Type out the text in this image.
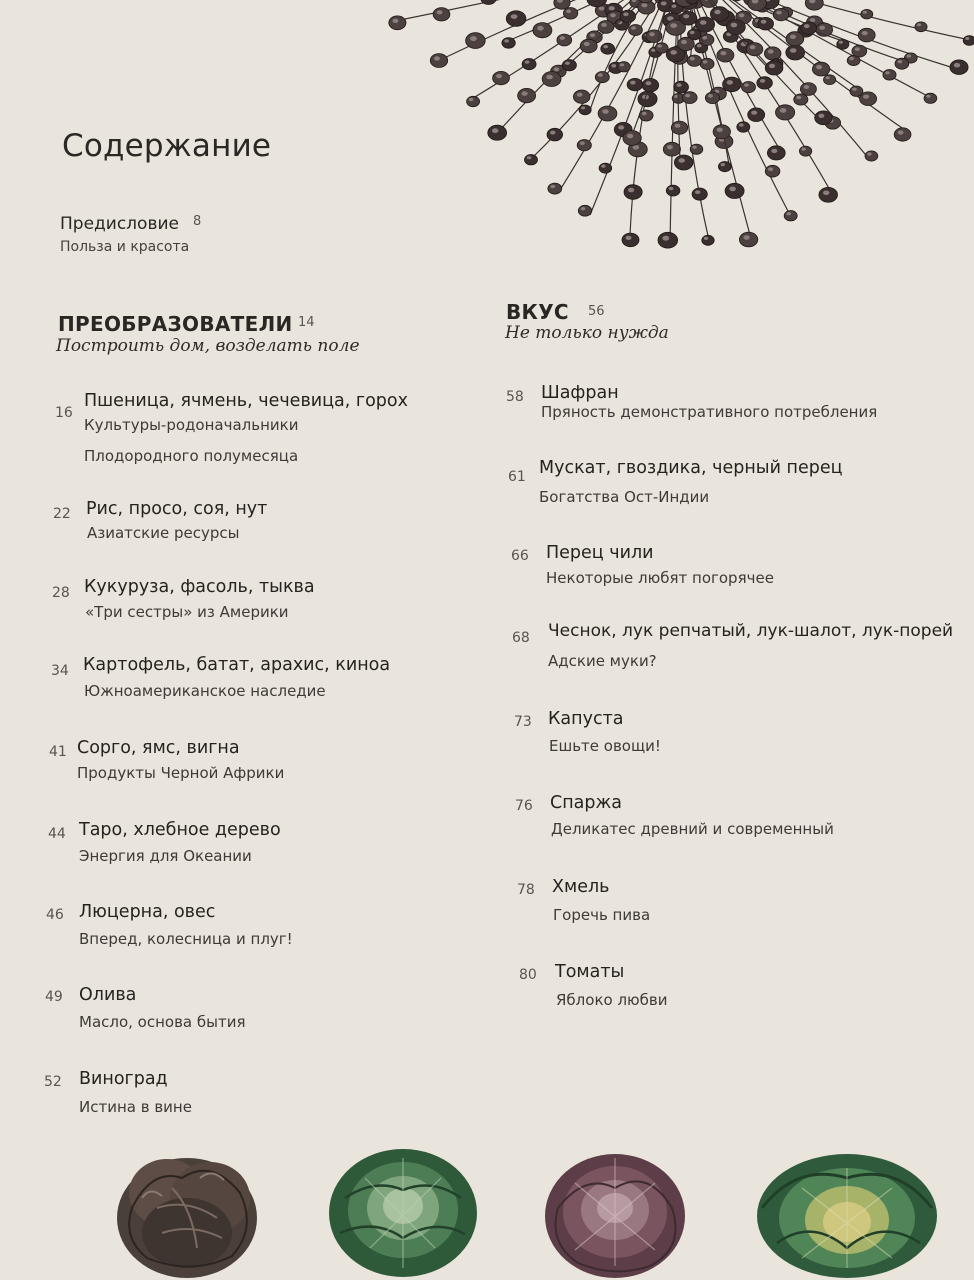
Содержание
Предисловие 8
Польза и красота
ПРЕОБРАЗОВАТЕЛИ 14
Построить дом, возделать поле
16
Пшеница, ячмень, чечевица, горох
Культуры-родоначальники Плодородного полумесяца
22 Рис, просо, соя, нут
Азиатские ресурсы
28 Кукуруза, фасоль, тыква
«Три сестры» из Америки
34 Картофель, батат, арахис, киноа
Южноамериканское наследие
41 Сорго, ямс, вигна
Продукты Черной Африки
44 Таро, хлебное дерево
Энергия для Океании
46 Люцерна, овес
Вперед, колесница и плуг!
49 Олива
Масло, основа бытия
52 Виноград
Истина в вине
ВКУС 56
Не только нужда
58 Шафран
Пряность демонстративного потребления
61 Мускат, гвоздика, черный перец
Богатства Ост-Индии
66 Перец чили
Некоторые любят погорячее
68 Чеснок, лук репчатый, лук-шалот, лук-порей
Адские муки?
73 Капуста
Ешьте овощи!
76 Спаржа
Деликатес древний и современный
78 Хмель
Горечь пива
80 Томаты
Яблоко любви
